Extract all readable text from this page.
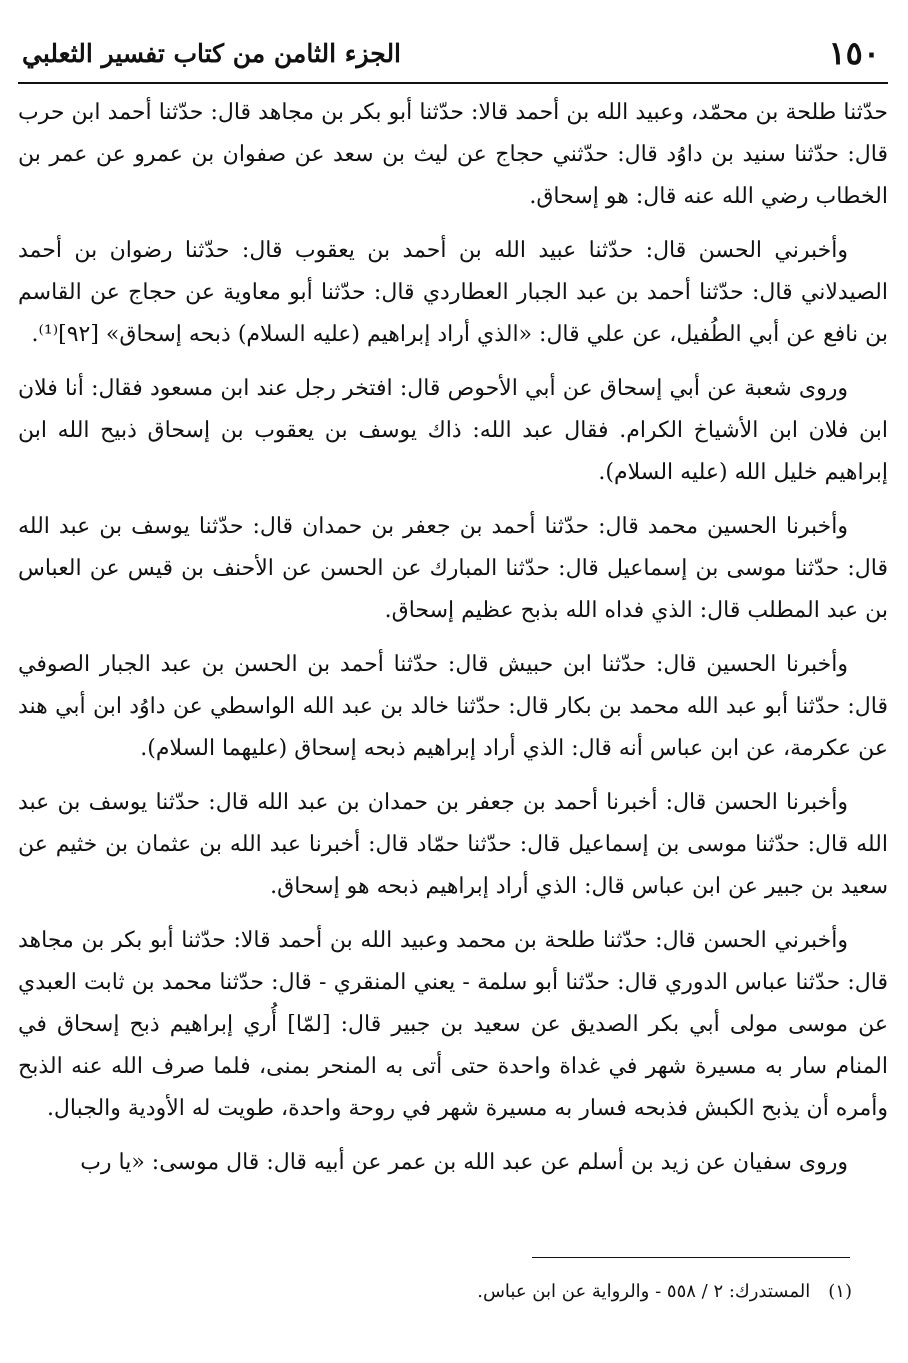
١٥٠
الجزء الثامن من كتاب تفسير الثعلبي

حدّثنا طلحة بن محمّد، وعبيد الله بن أحمد قالا: حدّثنا أبو بكر بن مجاهد قال: حدّثنا أحمد ابن حرب قال: حدّثنا سنيد بن داوُد قال: حدّثني حجاج عن ليث بن سعد عن صفوان بن عمرو عن عمر بن الخطاب رضي الله عنه قال: هو إسحاق.

وأخبرني الحسن قال: حدّثنا عبيد الله بن أحمد بن يعقوب قال: حدّثنا رضوان بن أحمد الصيدلاني قال: حدّثنا أحمد بن عبد الجبار العطاردي قال: حدّثنا أبو معاوية عن حجاج عن القاسم بن نافع عن أبي الطُفيل، عن علي قال: «الذي أراد إبراهيم (عليه السلام) ذبحه إسحاق» [٩٢]⁽¹⁾.

وروى شعبة عن أبي إسحاق عن أبي الأحوص قال: افتخر رجل عند ابن مسعود فقال: أنا فلان ابن فلان ابن الأشياخ الكرام. فقال عبد الله: ذاك يوسف بن يعقوب بن إسحاق ذبيح الله ابن إبراهيم خليل الله (عليه السلام).

وأخبرنا الحسين محمد قال: حدّثنا أحمد بن جعفر بن حمدان قال: حدّثنا يوسف بن عبد الله قال: حدّثنا موسى بن إسماعيل قال: حدّثنا المبارك عن الحسن عن الأحنف بن قيس عن العباس بن عبد المطلب قال: الذي فداه الله بذبح عظيم إسحاق.

وأخبرنا الحسين قال: حدّثنا ابن حبيش قال: حدّثنا أحمد بن الحسن بن عبد الجبار الصوفي قال: حدّثنا أبو عبد الله محمد بن بكار قال: حدّثنا خالد بن عبد الله الواسطي عن داوُد ابن أبي هند عن عكرمة، عن ابن عباس أنه قال: الذي أراد إبراهيم ذبحه إسحاق (عليهما السلام).

وأخبرنا الحسن قال: أخبرنا أحمد بن جعفر بن حمدان بن عبد الله قال: حدّثنا يوسف بن عبد الله قال: حدّثنا موسى بن إسماعيل قال: حدّثنا حمّاد قال: أخبرنا عبد الله بن عثمان بن خثيم عن سعيد بن جبير عن ابن عباس قال: الذي أراد إبراهيم ذبحه هو إسحاق.

وأخبرني الحسن قال: حدّثنا طلحة بن محمد وعبيد الله بن أحمد قالا: حدّثنا أبو بكر بن مجاهد قال: حدّثنا عباس الدوري قال: حدّثنا أبو سلمة - يعني المنقري - قال: حدّثنا محمد بن ثابت العبدي عن موسى مولى أبي بكر الصديق عن سعيد بن جبير قال: [لمّا] أُري إبراهيم ذبح إسحاق في المنام سار به مسيرة شهر في غداة واحدة حتى أتى به المنحر بمنى، فلما صرف الله عنه الذبح وأمره أن يذبح الكبش فذبحه فسار به مسيرة شهر في روحة واحدة، طويت له الأودية والجبال.

وروى سفيان عن زيد بن أسلم عن عبد الله بن عمر عن أبيه قال: قال موسى: «يا رب

(١)المستدرك: ٢ / ٥٥٨ - والرواية عن ابن عباس.
